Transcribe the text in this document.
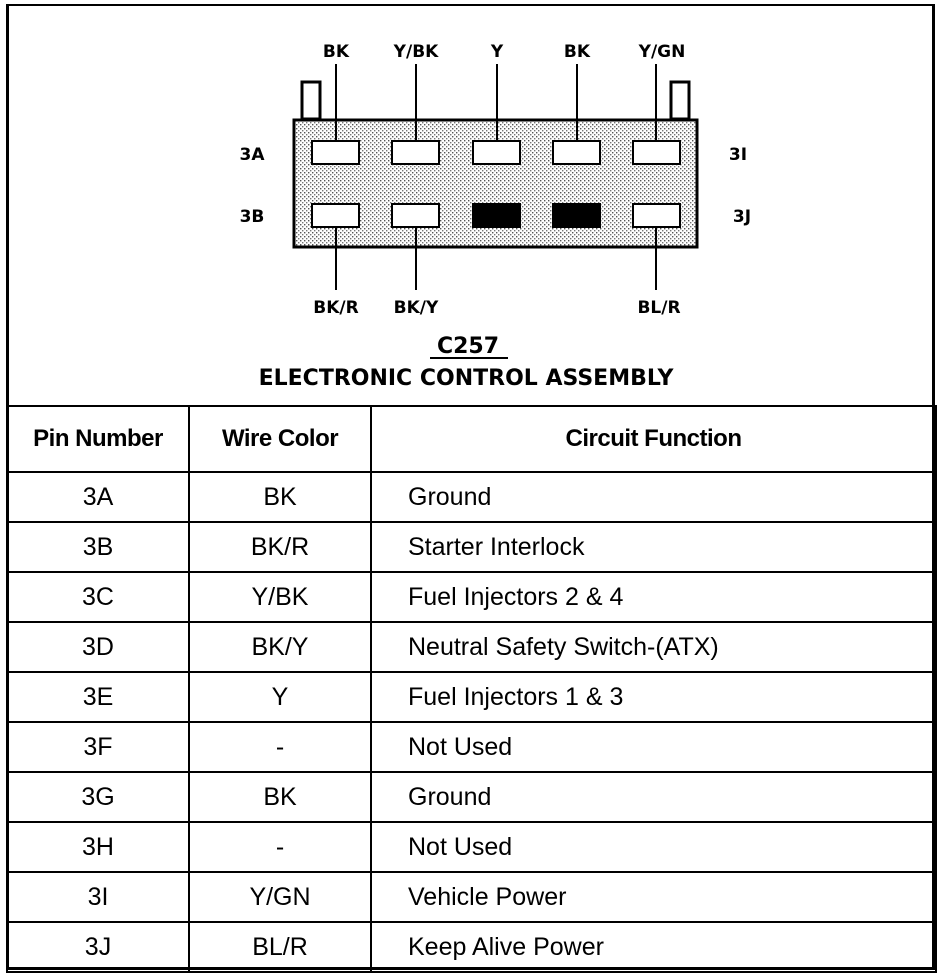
BK	Y/BK	Y	BK	Y/GN
BK/R BK/Y	BL/R
3A
3B
3I
3J
C257
ELECTRONIC CONTROL ASSEMBLY
Pin Number	Wire Color	Circuit Function
3A	BK	Ground
3B	BK/R	Starter Interlock
3C	Y/BK	Fuel Injectors 2 & 4
3D	BK/Y	Neutral Safety Switch-(ATX)
3E	Y	Fuel Injectors 1 & 3
3F	-	Not Used
3G	BK	Ground
3H	-	Not Used
3I	Y/GN	Vehicle Power
3J	BL/R	Keep Alive Power
